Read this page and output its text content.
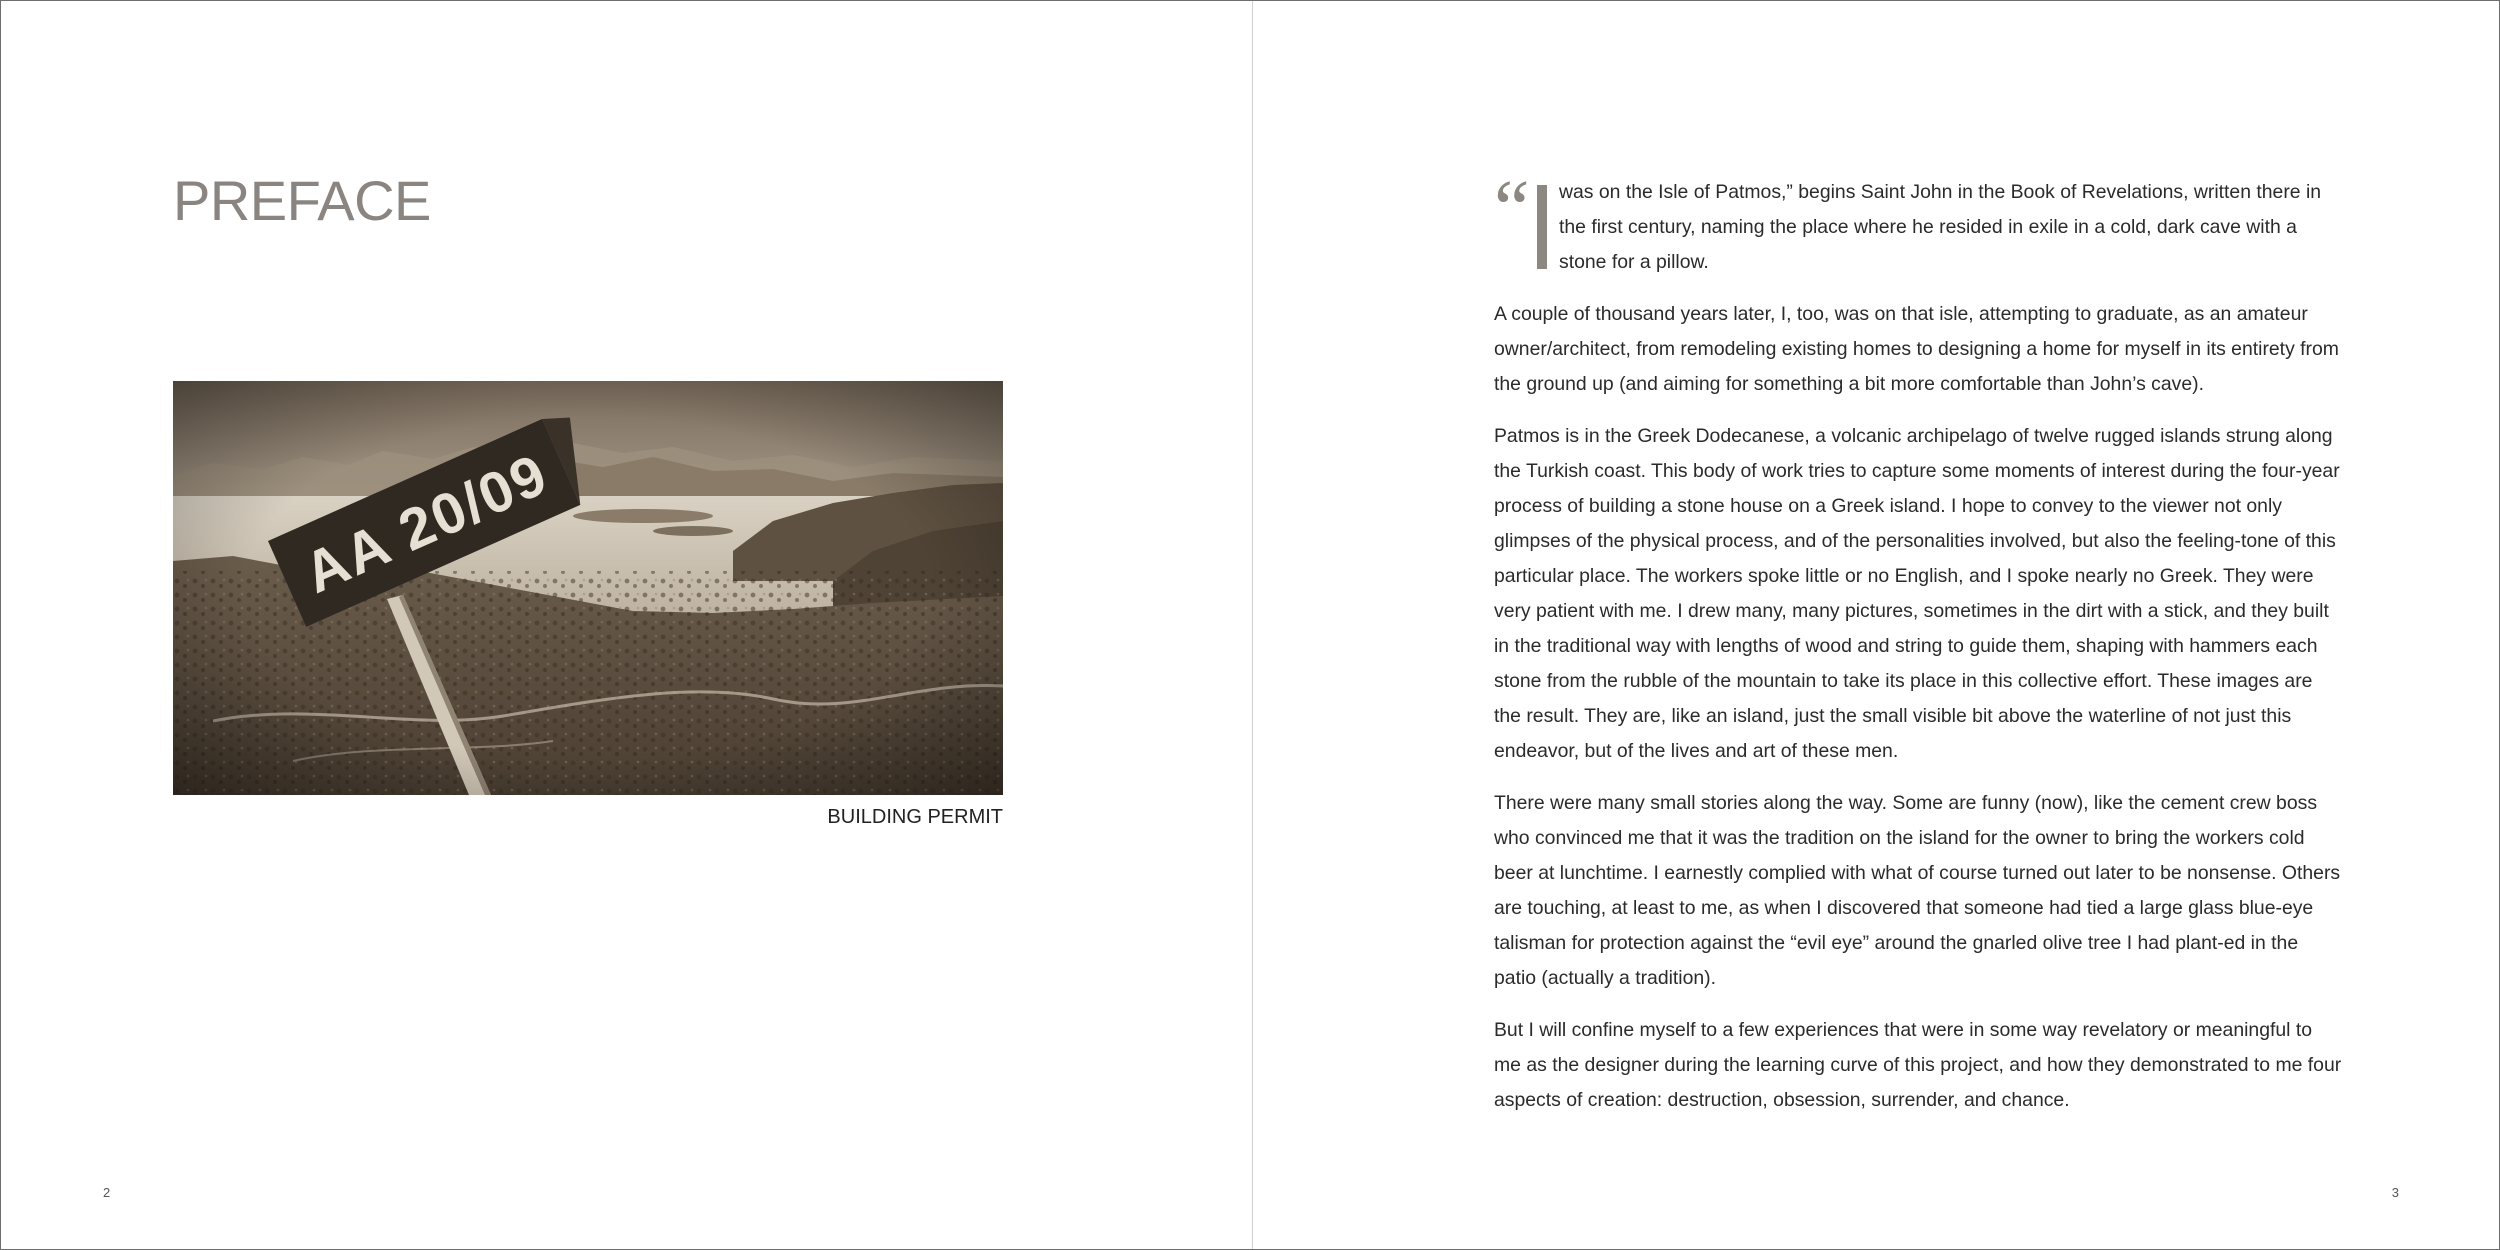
PREFACE
BUILDING PERMIT
2
“ was on the Isle of Patmos,” begins Saint John in the Book of Revelations, written there in the first century, naming the place where he resided in exile in a cold, dark cave with a stone for a pillow.

A couple of thousand years later, I, too, was on that isle, attempting to graduate, as an amateur owner/architect, from remodeling existing homes to designing a home for myself in its entirety from the ground up (and aiming for something a bit more comfortable than John’s cave).

Patmos is in the Greek Dodecanese, a volcanic archipelago of twelve rugged islands strung along the Turkish coast. This body of work tries to capture some moments of interest during the four-year process of building a stone house on a Greek island. I hope to convey to the viewer not only glimpses of the physical process, and of the personalities involved, but also the feeling-tone of this particular place. The workers spoke little or no English, and I spoke nearly no Greek. They were very patient with me. I drew many, many pictures, sometimes in the dirt with a stick, and they built in the traditional way with lengths of wood and string to guide them, shaping with hammers each stone from the rubble of the mountain to take its place in this collective effort. These images are the result. They are, like an island, just the small visible bit above the waterline of not just this endeavor, but of the lives and art of these men.

There were many small stories along the way. Some are funny (now), like the cement crew boss who convinced me that it was the tradition on the island for the owner to bring the workers cold beer at lunchtime. I earnestly complied with what of course turned out later to be nonsense. Others are touching, at least to me, as when I discovered that someone had tied a large glass blue-eye talisman for protection against the “evil eye” around the gnarled olive tree I had plant-ed in the patio (actually a tradition).

But I will confine myself to a few experiences that were in some way revelatory or meaningful to me as the designer during the learning curve of this project, and how they demonstrated to me four aspects of creation: destruction, obsession, surrender, and chance.

3
